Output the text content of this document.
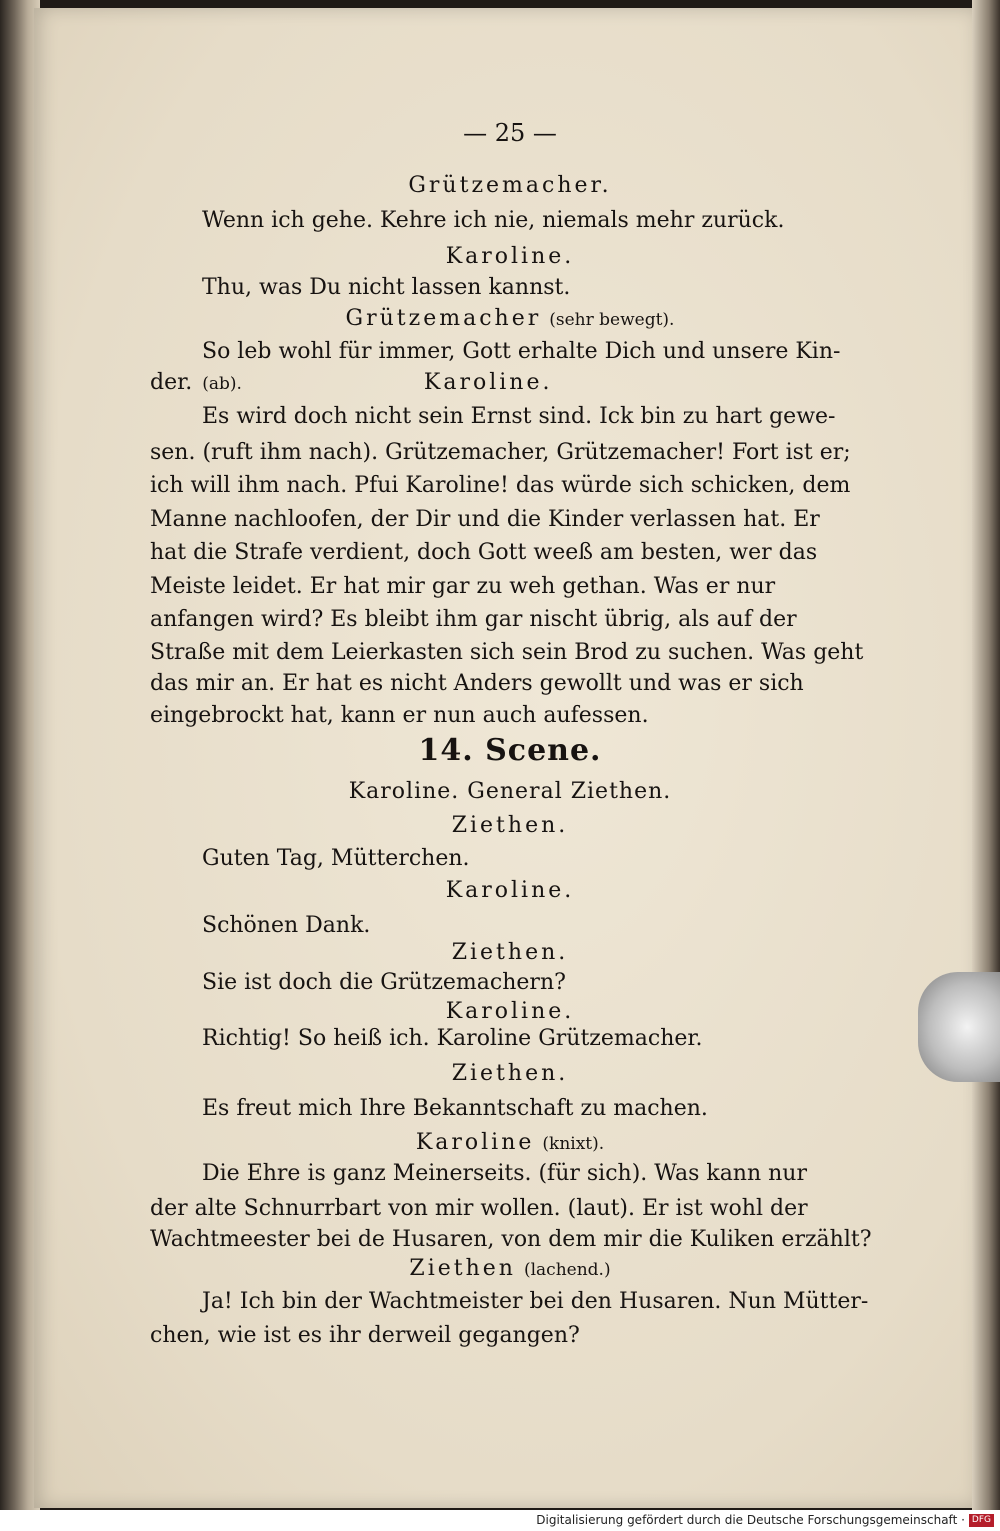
— 25 —
Grützemacher.
Wenn ich gehe. Kehre ich nie, niemals mehr zurück.
Karoline.
Thu, was Du nicht lassen kannst.
Grützemacher (sehr bewegt).
So leb wohl für immer, Gott erhalte Dich und unsere Kin-
der. (ab).	Karoline.
Es wird doch nicht sein Ernst sind. Ick bin zu hart gewe-
sen. (ruft ihm nach). Grützemacher, Grützemacher! Fort ist er;
ich will ihm nach. Pfui Karoline! das würde sich schicken, dem
Manne nachloofen, der Dir und die Kinder verlassen hat. Er
hat die Strafe verdient, doch Gott weeß am besten, wer das
Meiste leidet. Er hat mir gar zu weh gethan. Was er nur
anfangen wird? Es bleibt ihm gar nischt übrig, als auf der
Straße mit dem Leierkasten sich sein Brod zu suchen. Was geht
das mir an. Er hat es nicht Anders gewollt und was er sich
eingebrockt hat, kann er nun auch aufessen.
14. Scene.
Karoline. General Ziethen.
Ziethen.
Guten Tag, Mütterchen.
Karoline.
Schönen Dank.
Ziethen.
Sie ist doch die Grützemachern?
Karoline.
Richtig! So heiß ich. Karoline Grützemacher.
Ziethen.
Es freut mich Ihre Bekanntschaft zu machen.
Karoline (knixt).
Die Ehre is ganz Meinerseits. (für sich). Was kann nur
der alte Schnurrbart von mir wollen. (laut). Er ist wohl der
Wachtmeester bei de Husaren, von dem mir die Kuliken erzählt?
Ziethen (lachend.)
Ja! Ich bin der Wachtmeister bei den Husaren. Nun Mütter-
chen, wie ist es ihr derweil gegangen?
Digitalisierung gefördert durch die Deutsche Forschungsgemeinschaft · DFG
